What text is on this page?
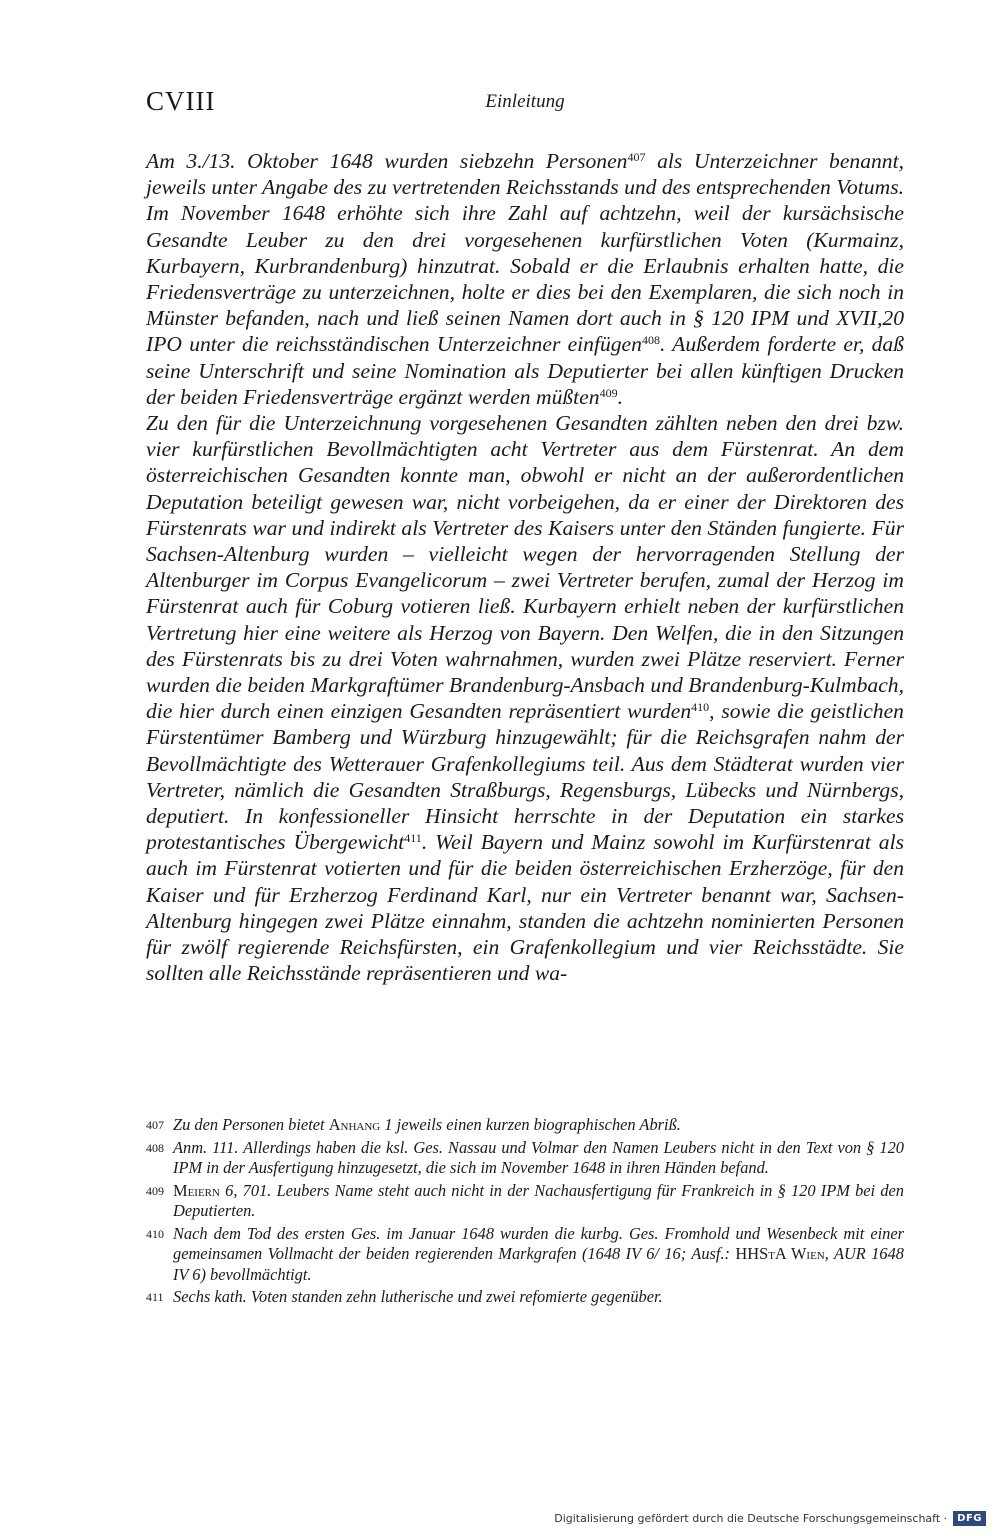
CVIII	Einleitung

Am 3./13. Oktober 1648 wurden siebzehn Personen$^{407}$ als Unterzeichner benannt, jeweils unter Angabe des zu vertretenden Reichsstands und des entsprechenden Votums. Im November 1648 erhöhte sich ihre Zahl auf achtzehn, weil der kursächsische Gesandte Leuber zu den drei vorgesehenen kurfürstlichen Voten (Kurmainz, Kurbayern, Kurbrandenburg) hinzutrat. Sobald er die Erlaubnis erhalten hatte, die Friedensverträge zu unterzeichnen, holte er dies bei den Exemplaren, die sich noch in Münster befanden, nach und ließ seinen Namen dort auch in § 120 IPM und XVII,20 IPO unter die reichsständischen Unterzeichner einfügen$^{408}$. Außerdem forderte er, daß seine Unterschrift und seine Nomination als Deputierter bei allen künftigen Drucken der beiden Friedensverträge ergänzt werden müßten$^{409}$.

Zu den für die Unterzeichnung vorgesehenen Gesandten zählten neben den drei bzw. vier kurfürstlichen Bevollmächtigten acht Vertreter aus dem Fürstenrat. An dem österreichischen Gesandten konnte man, obwohl er nicht an der außerordentlichen Deputation beteiligt gewesen war, nicht vorbeigehen, da er einer der Direktoren des Fürstenrats war und indirekt als Vertreter des Kaisers unter den Ständen fungierte. Für Sachsen-Altenburg wurden – vielleicht wegen der hervorragenden Stellung der Altenburger im Corpus Evangelicorum – zwei Vertreter berufen, zumal der Herzog im Fürstenrat auch für Coburg votieren ließ. Kurbayern erhielt neben der kurfürstlichen Vertretung hier eine weitere als Herzog von Bayern. Den Welfen, die in den Sitzungen des Fürstenrats bis zu drei Voten wahrnahmen, wurden zwei Plätze reserviert. Ferner wurden die beiden Markgraftümer Brandenburg-Ansbach und Brandenburg-Kulmbach, die hier durch einen einzigen Gesandten repräsentiert wurden$^{410}$, sowie die geistlichen Fürstentümer Bamberg und Würzburg hinzugewählt; für die Reichsgrafen nahm der Bevollmächtigte des Wetterauer Grafenkollegiums teil. Aus dem Städterat wurden vier Vertreter, nämlich die Gesandten Straßburgs, Regensburgs, Lübecks und Nürnbergs, deputiert. In konfessioneller Hinsicht herrschte in der Deputation ein starkes protestantisches Übergewicht$^{411}$. Weil Bayern und Mainz sowohl im Kurfürstenrat als auch im Fürstenrat votierten und für die beiden österreichischen Erzherzöge, für den Kaiser und für Erzherzog Ferdinand Karl, nur ein Vertreter benannt war, Sachsen-Altenburg hingegen zwei Plätze einnahm, standen die achtzehn nominierten Personen für zwölf regierende Reichsfürsten, ein Grafenkollegium und vier Reichsstädte. Sie sollten alle Reichsstände repräsentieren und wa-

407 Zu den Personen bietet Anhang 1 jeweils einen kurzen biographischen Abriß.
408 Anm. 111. Allerdings haben die ksl. Ges. Nassau und Volmar den Namen Leubers nicht in den Text von § 120 IPM in der Ausfertigung hinzugesetzt, die sich im November 1648 in ihren Händen befand.
409 Meiern 6, 701. Leubers Name steht auch nicht in der Nachausfertigung für Frankreich in § 120 IPM bei den Deputierten.
410 Nach dem Tod des ersten Ges. im Januar 1648 wurden die kurbg. Ges. Fromhold und Wesenbeck mit einer gemeinsamen Vollmacht der beiden regierenden Markgrafen (1648 IV 6/ 16; Ausf.: HHStA Wien, AUR 1648 IV 6) bevollmächtigt.
411 Sechs kath. Voten standen zehn lutherische und zwei refomierte gegenüber.
Digitalisierung gefördert durch die Deutsche Forschungsgemeinschaft ·	DFG
